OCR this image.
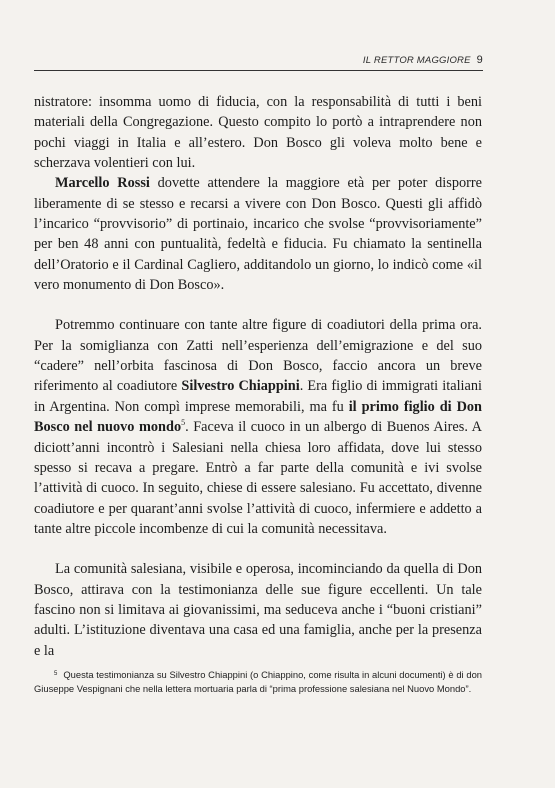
IL RETTOR MAGGIORE 9

nistratore: insomma uomo di fiducia, con la responsabilità di tutti i beni materiali della Congregazione. Questo compito lo portò a intraprendere non pochi viaggi in Italia e all’estero. Don Bosco gli voleva molto bene e scherzava volentieri con lui.

Marcello Rossi dovette attendere la maggiore età per poter disporre liberamente di se stesso e recarsi a vivere con Don Bosco. Questi gli affidò l’incarico “provvisorio” di portinaio, incarico che svolse “provvisoriamente” per ben 48 anni con puntualità, fedeltà e fiducia. Fu chiamato la sentinella dell’Oratorio e il Cardinal Cagliero, additandolo un giorno, lo indicò come «il vero monumento di Don Bosco».

Potremmo continuare con tante altre figure di coadiutori della prima ora. Per la somiglianza con Zatti nell’esperienza dell’emigrazione e del suo “cadere” nell’orbita fascinosa di Don Bosco, faccio ancora un breve riferimento al coadiutore Silvestro Chiappini. Era figlio di immigrati italiani in Argentina. Non compì imprese memorabili, ma fu il primo figlio di Don Bosco nel nuovo mondo$^5$. Faceva il cuoco in un albergo di Buenos Aires. A diciott’anni incontrò i Salesiani nella chiesa loro affidata, dove lui stesso spesso si recava a pregare. Entrò a far parte della comunità e ivi svolse l’attività di cuoco. In seguito, chiese di essere salesiano. Fu accettato, divenne coadiutore e per quarant’anni svolse l’attività di cuoco, infermiere e addetto a tante altre piccole incombenze di cui la comunità necessitava.

La comunità salesiana, visibile e operosa, incominciando da quella di Don Bosco, attirava con la testimonianza delle sue figure eccellenti. Un tale fascino non si limitava ai giovanissimi, ma seduceva anche i “buoni cristiani” adulti. L’istituzione diventava una casa ed una famiglia, anche per la presenza e la

$^5$ Questa testimonianza su Silvestro Chiappini (o Chiappino, come risulta in alcuni documenti) è di don Giuseppe Vespignani che nella lettera mortuaria parla di “prima professione salesiana nel Nuovo Mondo”.
